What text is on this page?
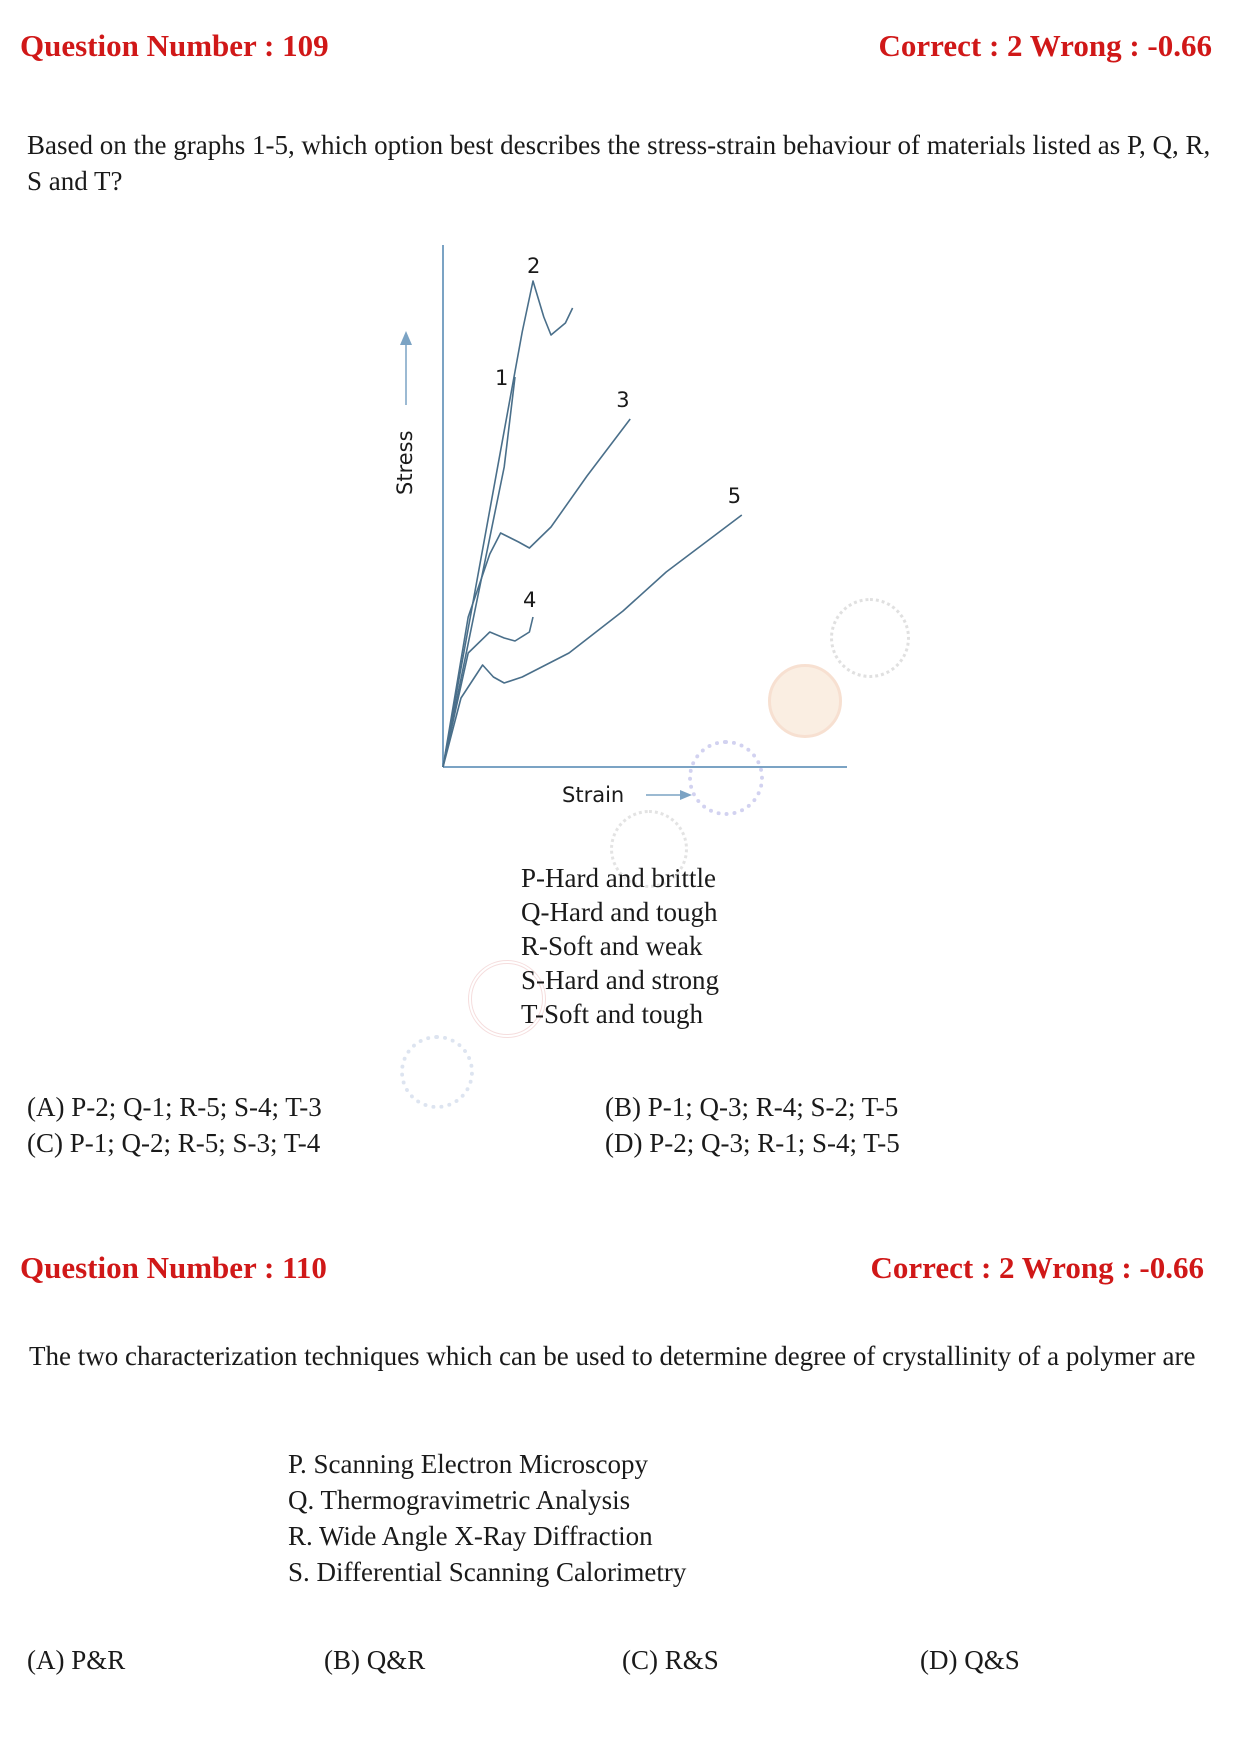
Question Number : 109	Correct : 2 Wrong : -0.66
Based on the graphs 1-5, which option best describes the stress-strain behaviour of materials listed as P, Q, R, S and T?
Stress
Strain
1
2
3
4
5
P-Hard and brittle
Q-Hard and tough
R-Soft and weak
S-Hard and strong
T-Soft and tough
(A) P-2; Q-1; R-5; S-4; T-3	(B) P-1; Q-3; R-4; S-2; T-5
(C) P-1; Q-2; R-5; S-3; T-4	(D) P-2; Q-3; R-1; S-4; T-5
Question Number : 110	Correct : 2 Wrong : -0.66
The two characterization techniques which can be used to determine degree of crystallinity of a polymer are
P. Scanning Electron Microscopy
Q. Thermogravimetric Analysis
R. Wide Angle X-Ray Diffraction
S. Differential Scanning Calorimetry
(A) P&R	(B) Q&R	(C) R&S	(D) Q&S
